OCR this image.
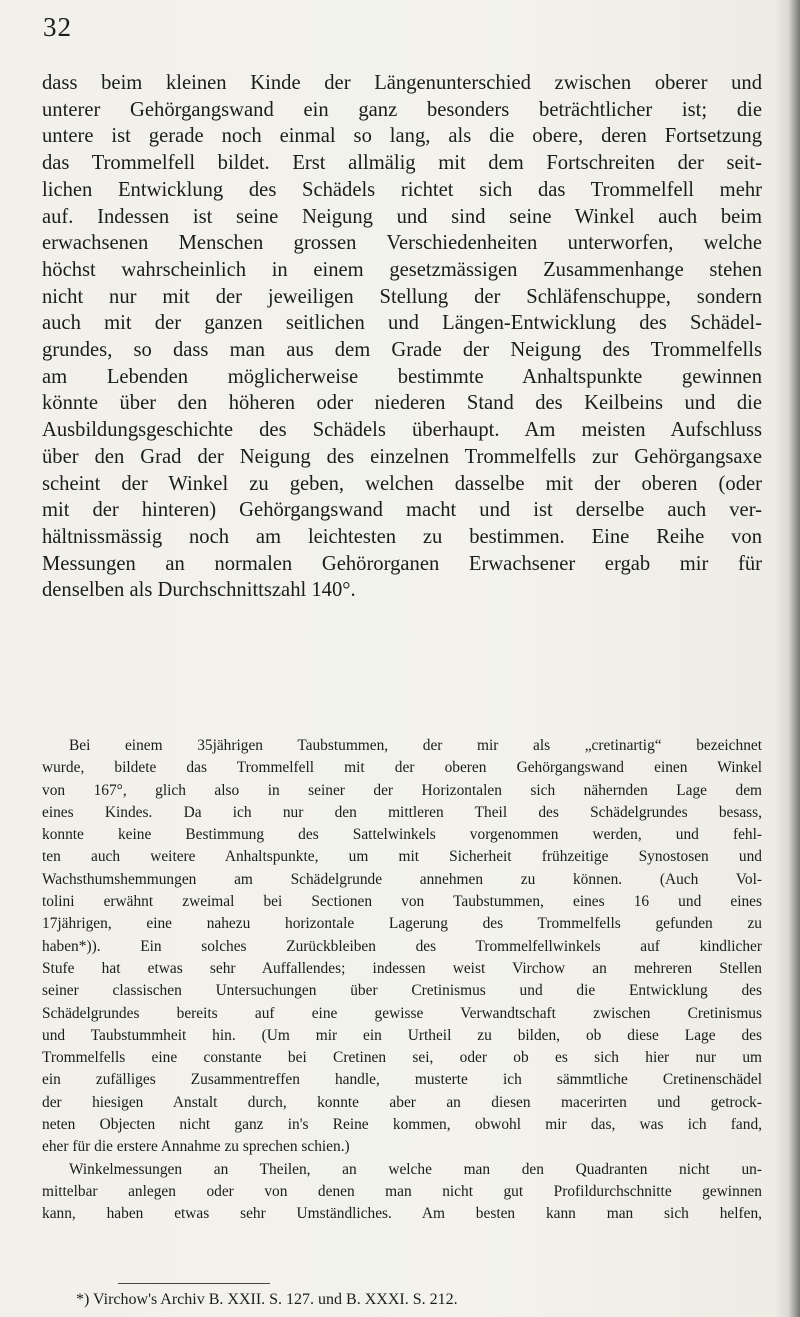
32
dass beim kleinen Kinde der Längenunterschied zwischen oberer und
unterer Gehörgangswand ein ganz besonders beträchtlicher ist; die
untere ist gerade noch einmal so lang, als die obere, deren Fortsetzung
das Trommelfell bildet. Erst allmälig mit dem Fortschreiten der seit-
lichen Entwicklung des Schädels richtet sich das Trommelfell mehr
auf. Indessen ist seine Neigung und sind seine Winkel auch beim
erwachsenen Menschen grossen Verschiedenheiten unterworfen, welche
höchst wahrscheinlich in einem gesetzmässigen Zusammenhange stehen
nicht nur mit der jeweiligen Stellung der Schläfenschuppe, sondern
auch mit der ganzen seitlichen und Längen-Entwicklung des Schädel-
grundes, so dass man aus dem Grade der Neigung des Trommelfells
am Lebenden möglicherweise bestimmte Anhaltspunkte gewinnen
könnte über den höheren oder niederen Stand des Keilbeins und die
Ausbildungsgeschichte des Schädels überhaupt. Am meisten Aufschluss
über den Grad der Neigung des einzelnen Trommelfells zur Gehörgangsaxe
scheint der Winkel zu geben, welchen dasselbe mit der oberen (oder
mit der hinteren) Gehörgangswand macht und ist derselbe auch ver-
hältnissmässig noch am leichtesten zu bestimmen. Eine Reihe von
Messungen an normalen Gehörorganen Erwachsener ergab mir für
denselben als Durchschnittszahl 140°.
Bei einem 35jährigen Taubstummen, der mir als „cretinartig“ bezeichnet
wurde, bildete das Trommelfell mit der oberen Gehörgangswand einen Winkel
von 167°, glich also in seiner der Horizontalen sich nähernden Lage dem
eines Kindes. Da ich nur den mittleren Theil des Schädelgrundes besass,
konnte keine Bestimmung des Sattelwinkels vorgenommen werden, und fehl-
ten auch weitere Anhaltspunkte, um mit Sicherheit frühzeitige Synostosen und
Wachsthumshemmungen am Schädelgrunde annehmen zu können. (Auch Vol-
tolini erwähnt zweimal bei Sectionen von Taubstummen, eines 16 und eines
17jährigen, eine nahezu horizontale Lagerung des Trommelfells gefunden zu
haben*)). Ein solches Zurückbleiben des Trommelfellwinkels auf kindlicher
Stufe hat etwas sehr Auffallendes; indessen weist Virchow an mehreren Stellen
seiner classischen Untersuchungen über Cretinismus und die Entwicklung des
Schädelgrundes bereits auf eine gewisse Verwandtschaft zwischen Cretinismus
und Taubstummheit hin. (Um mir ein Urtheil zu bilden, ob diese Lage des
Trommelfells eine constante bei Cretinen sei, oder ob es sich hier nur um
ein zufälliges Zusammentreffen handle, musterte ich sämmtliche Cretinenschädel
der hiesigen Anstalt durch, konnte aber an diesen macerirten und getrock-
neten Objecten nicht ganz in's Reine kommen, obwohl mir das, was ich fand,
eher für die erstere Annahme zu sprechen schien.)
Winkelmessungen an Theilen, an welche man den Quadranten nicht un-
mittelbar anlegen oder von denen man nicht gut Profildurchschnitte gewinnen
kann, haben etwas sehr Umständliches. Am besten kann man sich helfen,
*) Virchow's Archiv B. XXII. S. 127. und B. XXXI. S. 212.
